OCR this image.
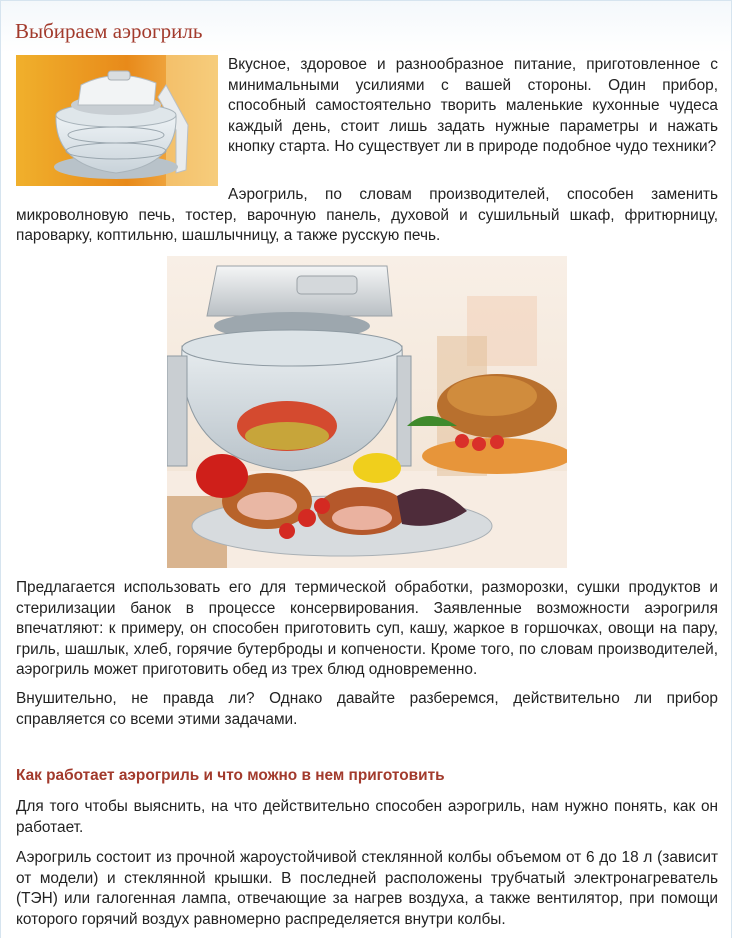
Выбираем аэрогриль

Вкусное, здоровое и разнообразное питание, приготовленное с минимальными усилиями с вашей стороны. Один прибор, способный самостоятельно творить маленькие кухонные чудеса каждый день, стоит лишь задать нужные параметры и нажать кнопку старта. Но существует ли в природе подобное чудо техники?

Аэрогриль, по словам производителей, способен заменить микроволновую печь, тостер, варочную панель, духовой и сушильный шкаф, фритюрницу, пароварку, коптильню, шашлычницу, а также русскую печь.

Предлагается использовать его для термической обработки, разморозки, сушки продуктов и стерилизации банок в процессе консервирования. Заявленные возможности аэрогриля впечатляют: к примеру, он способен приготовить суп, кашу, жаркое в горшочках, овощи на пару, гриль, шашлык, хлеб, горячие бутерброды и копчености. Кроме того, по словам производителей, аэрогриль может приготовить обед из трех блюд одновременно.

Внушительно, не правда ли? Однако давайте разберемся, действительно ли прибор справляется со всеми этими задачами.

Как работает аэрогриль и что можно в нем приготовить

Для того чтобы выяснить, на что действительно способен аэрогриль, нам нужно понять, как он работает.

Аэрогриль состоит из прочной жароустойчивой стеклянной колбы объемом от 6 до 18 л (зависит от модели) и стеклянной крышки. В последней расположены трубчатый электронагреватель (ТЭН) или галогенная лампа, отвечающие за нагрев воздуха, а также вентилятор, при помощи которого горячий воздух равномерно распределяется внутри колбы.
